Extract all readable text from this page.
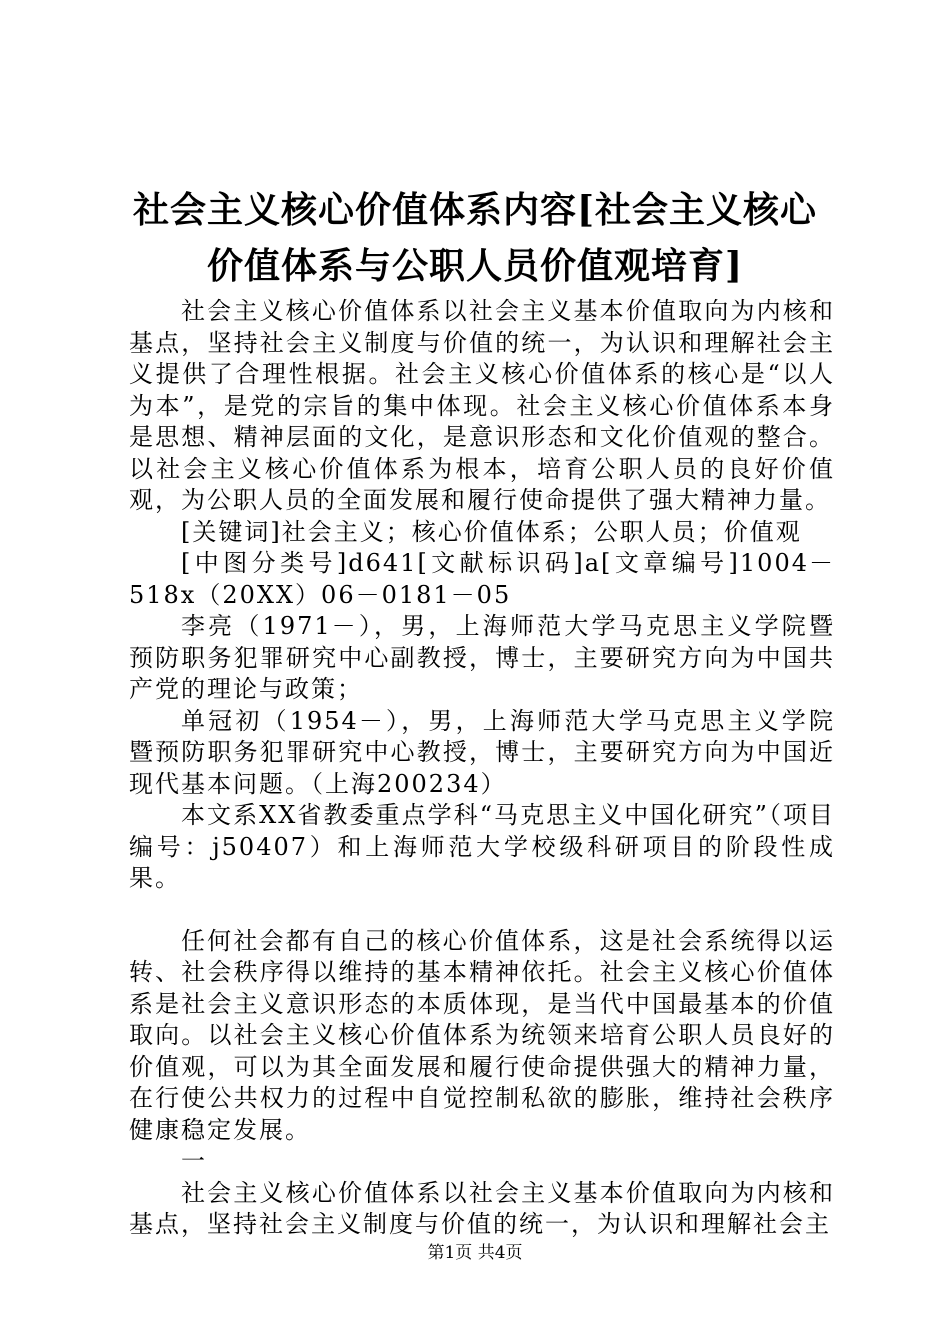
社会主义核心价值体系内容[社会主义核心价值体系与公职人员价值观培育]

社会主义核心价值体系以社会主义基本价值取向为内核和基点，坚持社会主义制度与价值的统一，为认识和理解社会主义提供了合理性根据。社会主义核心价值体系的核心是“以人为本”，是党的宗旨的集中体现。社会主义核心价值体系本身是思想、精神层面的文化，是意识形态和文化价值观的整合。以社会主义核心价值体系为根本，培育公职人员的良好价值观，为公职人员的全面发展和履行使命提供了强大精神力量。

[关键词]社会主义；核心价值体系；公职人员；价值观

[中图分类号]d641[文献标识码]a[文章编号]1004－518x（20XX）06－0181－05

李亮（1971－），男，上海师范大学马克思主义学院暨预防职务犯罪研究中心副教授，博士，主要研究方向为中国共产党的理论与政策；

单冠初（1954－），男，上海师范大学马克思主义学院暨预防职务犯罪研究中心教授，博士，主要研究方向为中国近现代基本问题。（上海200234）

本文系XX省教委重点学科“马克思主义中国化研究”（项目编号：j50407）和上海师范大学校级科研项目的阶段性成果。

任何社会都有自己的核心价值体系，这是社会系统得以运转、社会秩序得以维持的基本精神依托。社会主义核心价值体系是社会主义意识形态的本质体现，是当代中国最基本的价值取向。以社会主义核心价值体系为统领来培育公职人员良好的价值观，可以为其全面发展和履行使命提供强大的精神力量，在行使公共权力的过程中自觉控制私欲的膨胀，维持社会秩序健康稳定发展。

一

社会主义核心价值体系以社会主义基本价值取向为内核和基点，坚持社会主义制度与价值的统一，为认识和理解社会主

第1页 共4页
